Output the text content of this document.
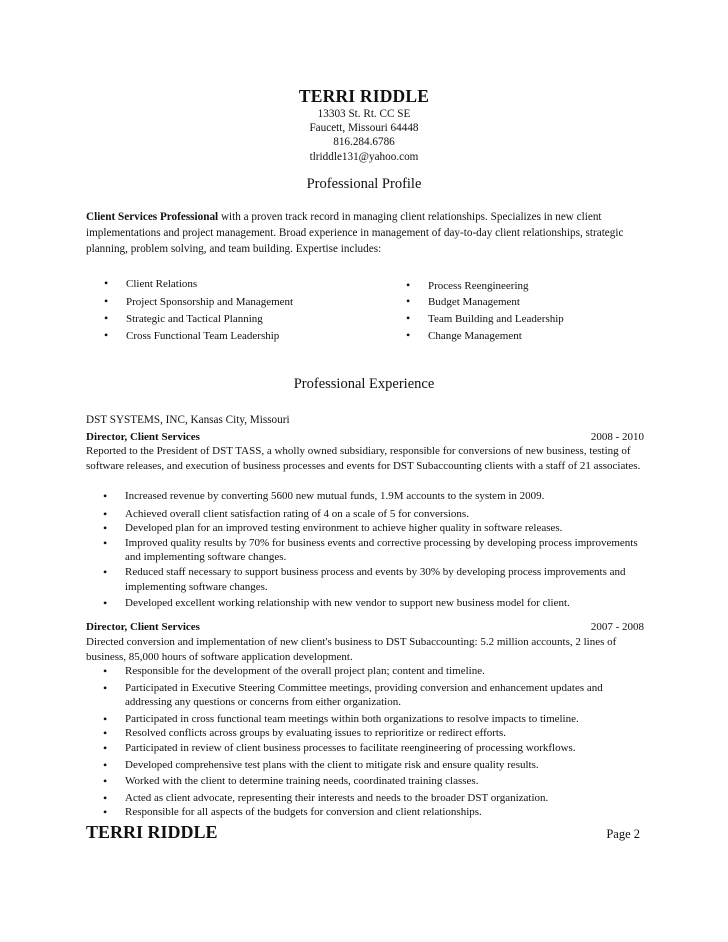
TERRI RIDDLE
13303 St. Rt. CC SE
Faucett, Missouri 64448
816.284.6786
tlriddle131@yahoo.com
Professional Profile
Client Services Professional with a proven track record in managing client relationships. Specializes in new client implementations and project management. Broad experience in management of day-to-day client relationships, strategic planning, problem solving, and team building. Expertise includes:
• Client Relations
• Project Sponsorship and Management
• Strategic and Tactical Planning
• Cross Functional Team Leadership
• Process Reengineering
• Budget Management
• Team Building and Leadership
• Change Management
Professional Experience
DST SYSTEMS, INC, Kansas City, Missouri
Director, Client Services	2008 - 2010
Reported to the President of DST TASS, a wholly owned subsidiary, responsible for conversions of new business, testing of software releases, and execution of business processes and events for DST Subaccounting clients with a staff of 21 associates.
• Increased revenue by converting 5600 new mutual funds, 1.9M accounts to the system in 2009.
• Achieved overall client satisfaction rating of 4 on a scale of 5 for conversions.
• Developed plan for an improved testing environment to achieve higher quality in software releases.
• Improved quality results by 70% for business events and corrective processing by developing process improvements and implementing software changes.
• Reduced staff necessary to support business process and events by 30% by developing process improvements and implementing software changes.
• Developed excellent working relationship with new vendor to support new business model for client.
Director, Client Services	2007 - 2008
Directed conversion and implementation of new client's business to DST Subaccounting: 5.2 million accounts, 2 lines of business, 85,000 hours of software application development.
• Responsible for the development of the overall project plan; content and timeline.
• Participated in Executive Steering Committee meetings, providing conversion and enhancement updates and addressing any questions or concerns from either organization.
• Participated in cross functional team meetings within both organizations to resolve impacts to timeline.
• Resolved conflicts across groups by evaluating issues to reprioritize or redirect efforts.
• Participated in review of client business processes to facilitate reengineering of processing workflows.
• Developed comprehensive test plans with the client to mitigate risk and ensure quality results.
• Worked with the client to determine training needs, coordinated training classes.
• Acted as client advocate, representing their interests and needs to the broader DST organization.
• Responsible for all aspects of the budgets for conversion and client relationships.
TERRI RIDDLE	Page 2
